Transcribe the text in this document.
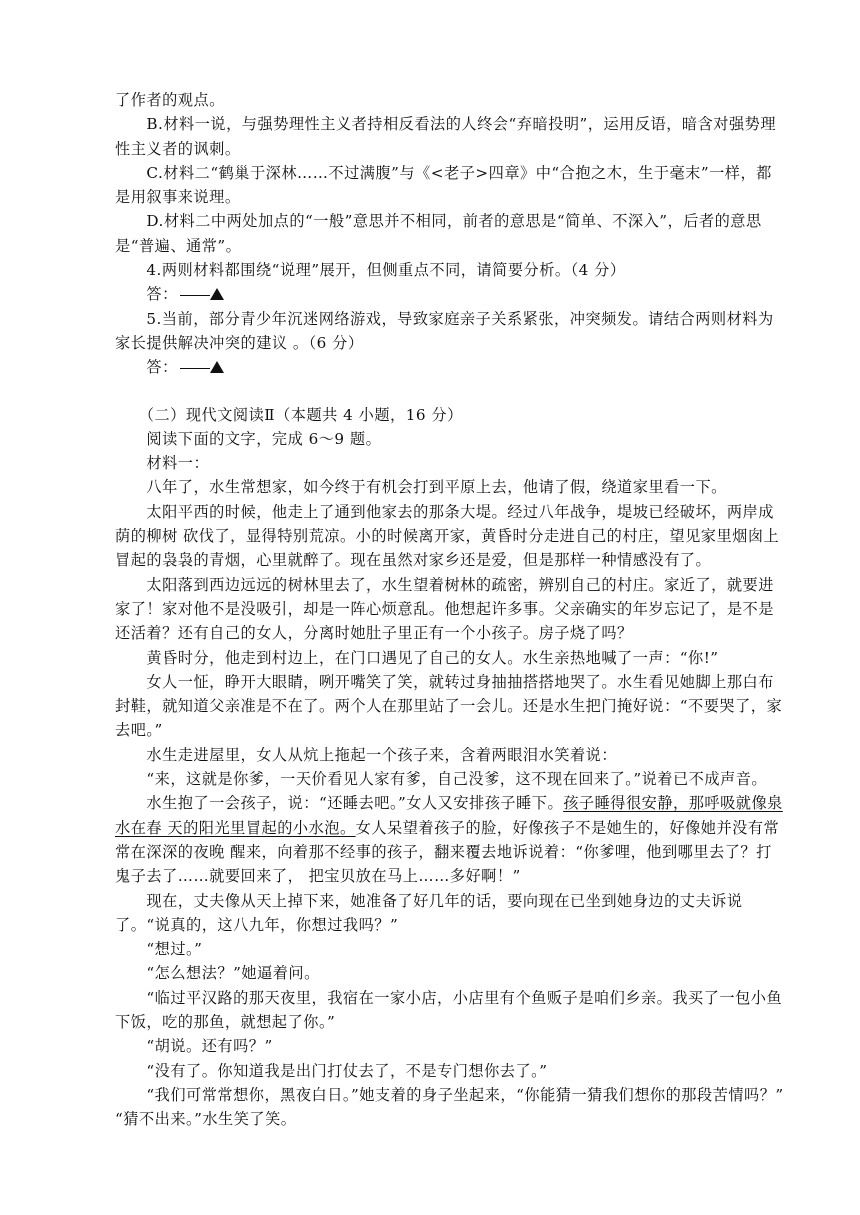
了作者的观点。
　　B.材料一说，与强势理性主义者持相反看法的人终会“弃暗投明”，运用反语，暗含对强势理性主义者的讽刺。
　　C.材料二“鹤巢于深林……不过满腹”与《<老子>四章》中“合抱之木，生于毫末”一样，都是用叙事来说理。
　　D.材料二中两处加点的“一般”意思并不相同，前者的意思是“简单、不深入”，后者的意思是“普遍、通常”。
　　4.两则材料都围绕“说理”展开，但侧重点不同，请简要分析。（4 分）
　　答：
　　5.当前，部分青少年沉迷网络游戏，导致家庭亲子关系紧张，冲突频发。请结合两则材料为家长提供解决冲突的建议 。（6 分）
　　答：
　　（二）现代文阅读Ⅱ（本题共 4 小题，16 分）
　　阅读下面的文字，完成 6～9 题。
　　材料一：
　　八年了，水生常想家，如今终于有机会打到平原上去，他请了假，绕道家里看一下。
　　太阳平西的时候，他走上了通到他家去的那条大堤。经过八年战争，堤坡已经破坏，两岸成荫的柳树 砍伐了，显得特别荒凉。小的时候离开家，黄昏时分走进自己的村庄，望见家里烟囱上冒起的袅袅的青烟，心里就醉了。现在虽然对家乡还是爱，但是那样一种情感没有了。
　　太阳落到西边远远的树林里去了，水生望着树林的疏密，辨别自己的村庄。家近了，就要进家了！家对他不是没吸引，却是一阵心烦意乱。他想起许多事。父亲确实的年岁忘记了，是不是还活着？还有自己的女人，分离时她肚子里正有一个小孩子。房子烧了吗？
　　黄昏时分，他走到村边上，在门口遇见了自己的女人。水生亲热地喊了一声：“你!”
　　女人一怔，睁开大眼睛，咧开嘴笑了笑，就转过身抽抽搭搭地哭了。水生看见她脚上那白布封鞋，就知道父亲准是不在了。两个人在那里站了一会儿。还是水生把门掩好说：“不要哭了，家去吧。”
　　水生走进屋里，女人从炕上拖起一个孩子来，含着两眼泪水笑着说：
　　“来，这就是你爹，一天价看见人家有爹，自己没爹，这不现在回来了。”说着已不成声音。
　　水生抱了一会孩子，说：“还睡去吧。”女人又安排孩子睡下。孩子睡得很安静，那呼吸就像泉水在春 天的阳光里冒起的小水泡。女人呆望着孩子的脸，好像孩子不是她生的，好像她并没有常常在深深的夜晚 醒来，向着那不经事的孩子，翻来覆去地诉说着：“你爹哩，他到哪里去了？打鬼子去了……就要回来了， 把宝贝放在马上……多好啊！”
　　现在，丈夫像从天上掉下来，她准备了好几年的话，要向现在已坐到她身边的丈夫诉说了。“说真的，这八九年，你想过我吗？”
　　“想过。”
　　“怎么想法？”她逼着问。
　　“临过平汉路的那天夜里，我宿在一家小店，小店里有个鱼贩子是咱们乡亲。我买了一包小鱼下饭，吃的那鱼，就想起了你。”
　　“胡说。还有吗？”
　　“没有了。你知道我是出门打仗去了，不是专门想你去了。”
　　“我们可常常想你，黑夜白日。”她支着的身子坐起来，“你能猜一猜我们想你的那段苦情吗？” “猜不出来。”水生笑了笑。
